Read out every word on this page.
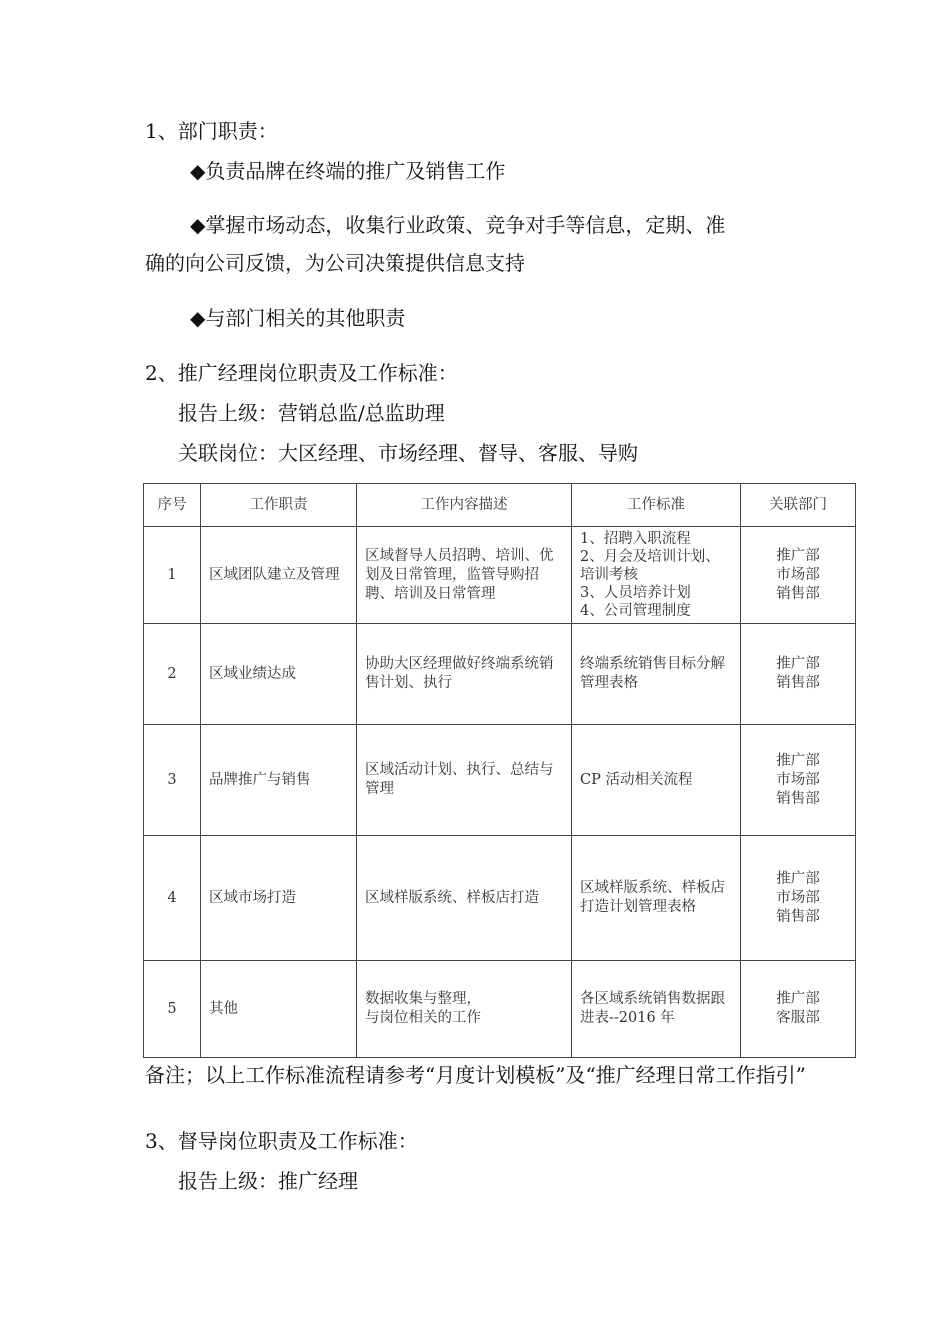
1、部门职责：
◆负责品牌在终端的推广及销售工作
◆掌握市场动态，收集行业政策、竞争对手等信息，定期、准
确的向公司反馈，为公司决策提供信息支持
◆与部门相关的其他职责
2、推广经理岗位职责及工作标准：
报告上级：营销总监/总监助理
关联岗位：大区经理、市场经理、督导、客服、导购
序号	工作职责	工作内容描述	工作标准	关联部门
1	区域团队建立及管理	区域督导人员招聘、培训、优划及日常管理，监管导购招聘、培训及日常管理	1、招聘入职流程
2、月会及培训计划、培训考核
3、人员培养计划
4、公司管理制度	推广部
市场部
销售部
2	区域业绩达成	协助大区经理做好终端系统销售计划、执行	终端系统销售目标分解管理表格	推广部
销售部
3	品牌推广与销售	区域活动计划、执行、总结与管理	CP 活动相关流程	推广部
市场部
销售部
4	区域市场打造	区域样版系统、样板店打造	区域样版系统、样板店打造计划管理表格	推广部
市场部
销售部
5	其他	数据收集与整理，
与岗位相关的工作	各区域系统销售数据跟进表--2016 年	推广部
客服部
备注；以上工作标准流程请参考“月度计划模板”及“推广经理日常工作指引”
3、督导岗位职责及工作标准：
报告上级：推广经理
